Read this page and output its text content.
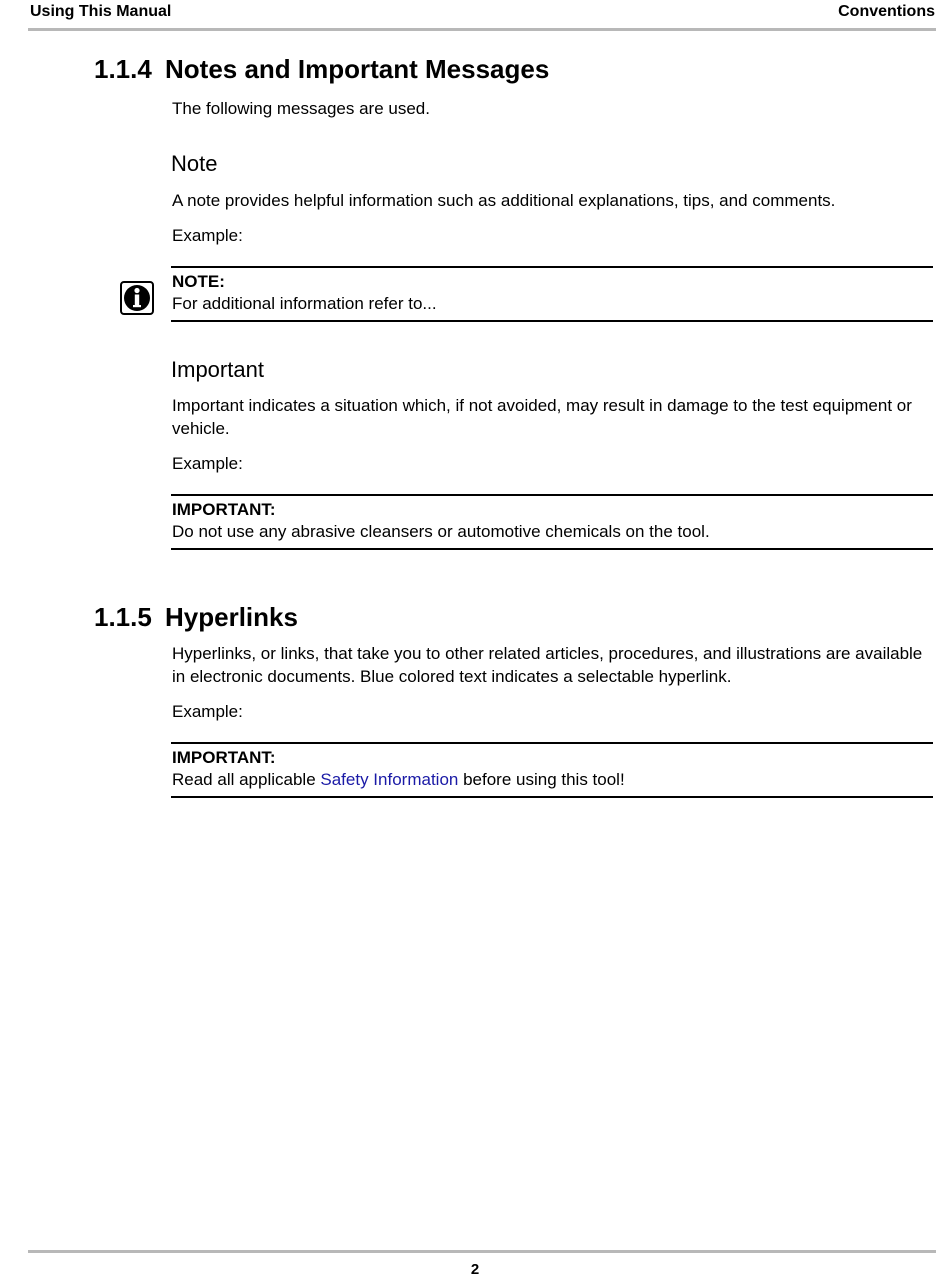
Using This Manual	Conventions
1.1.4 Notes and Important Messages

The following messages are used.

Note

A note provides helpful information such as additional explanations, tips, and comments.

Example:

NOTE:
For additional information refer to...
Important

Important indicates a situation which, if not avoided, may result in damage to the test equipment or vehicle.

Example:

IMPORTANT:
Do not use any abrasive cleansers or automotive chemicals on the tool.
1.1.5 Hyperlinks

Hyperlinks, or links, that take you to other related articles, procedures, and illustrations are available in electronic documents. Blue colored text indicates a selectable hyperlink.

Example:

IMPORTANT:
Read all applicable Safety Information before using this tool!
2
